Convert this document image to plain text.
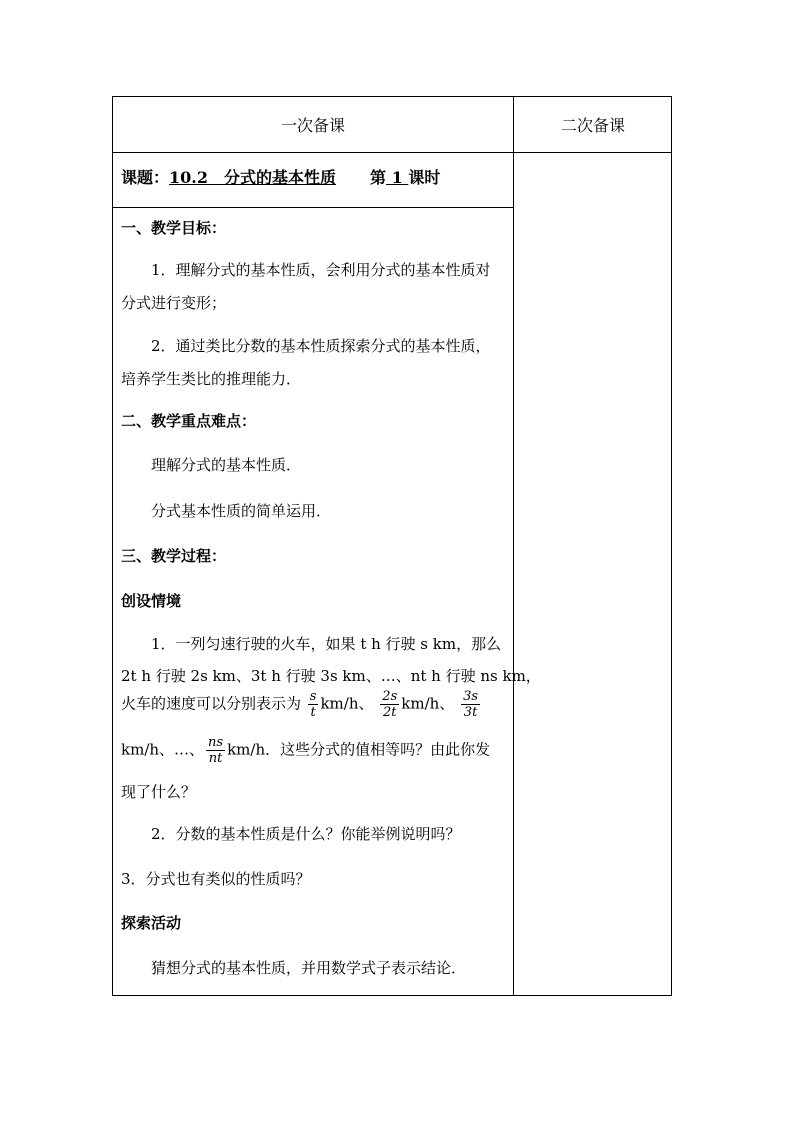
一次备课	二次备课
课题：10.2　分式的基本性质 第 1 课时
一、教学目标：
1．理解分式的基本性质，会利用分式的基本性质对
分式进行变形；
2．通过类比分数的基本性质探索分式的基本性质，
培养学生类比的推理能力．
二、教学重点难点：
理解分式的基本性质．
分式基本性质的简单运用．
三、教学过程：
创设情境
1．一列匀速行驶的火车，如果 t h 行驶 s km，那么
2t h 行驶 2s km、3t h 行驶 3s km、…、nt h 行驶 ns km，
火车的速度可以分别表示为 $\frac{s}{t} km/h$、 $\frac{2s}{2t} km/h$、 $\frac{3s}{3t}$
km/h、…、 $\frac{ns}{nt} km/h$．这些分式的值相等吗？由此你发
现了什么？
2．分数的基本性质是什么？你能举例说明吗？
3．分式也有类似的性质吗？
探索活动
猜想分式的基本性质，并用数学式子表示结论．
